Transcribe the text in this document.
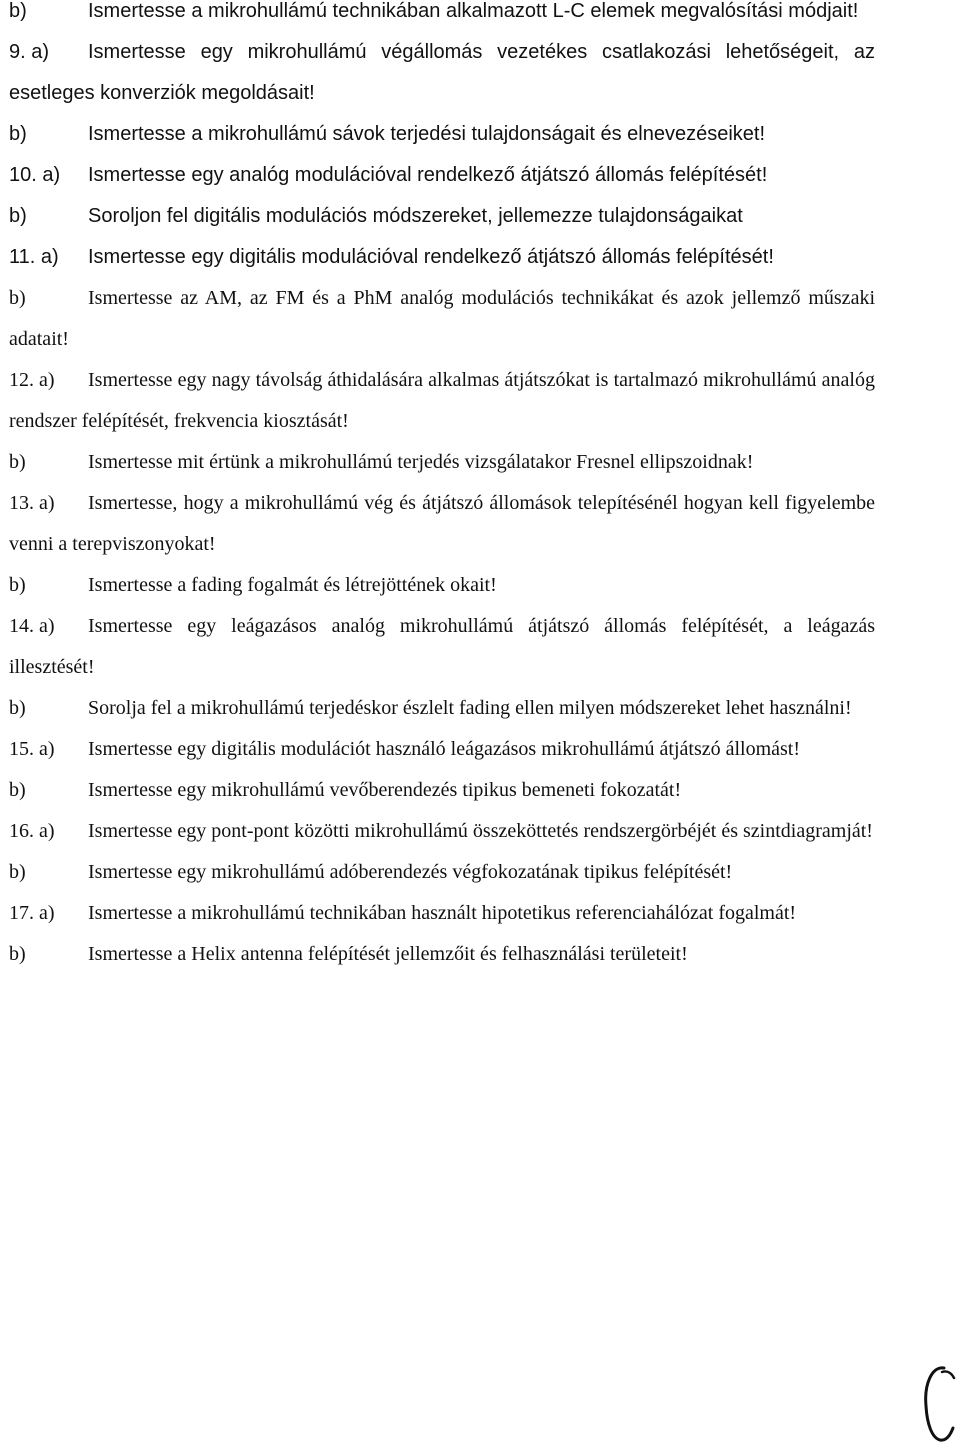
b)	Ismertesse a mikrohullámú technikában alkalmazott L-C elemek megvalósítási módjait!
9. a) Ismertesse egy mikrohullámú végállomás vezetékes csatlakozási lehetőségeit, az esetleges konverziók megoldásait!
b)	Ismertesse a mikrohullámú sávok terjedési tulajdonságait és elnevezéseiket!
10. a)	Ismertesse egy analóg modulációval rendelkező átjátszó állomás felépítését!
b)	Soroljon fel digitális modulációs módszereket, jellemezze tulajdonságaikat
11. a)	Ismertesse egy digitális modulációval rendelkező átjátszó állomás felépítését!
b)	Ismertesse az AM, az FM és a PhM analóg modulációs technikákat és azok jellemző műszaki adatait!
12. a) Ismertesse egy nagy távolság áthidalására alkalmas átjátszókat is tartalmazó mikrohullámú analóg rendszer felépítését, frekvencia kiosztását!
b)	Ismertesse mit értünk a mikrohullámú terjedés vizsgálatakor Fresnel ellipszoidnak!
13. a) Ismertesse, hogy a mikrohullámú vég és átjátszó állomások telepítésénél hogyan kell figyelembe venni a terepviszonyokat!
b)	Ismertesse a fading fogalmát és létrejöttének okait!
14. a) Ismertesse egy leágazásos analóg mikrohullámú átjátszó állomás felépítését, a leágazás illesztését!
b)	Sorolja fel a mikrohullámú terjedéskor észlelt fading ellen milyen módszereket lehet használni!
15. a) Ismertesse egy digitális modulációt használó leágazásos mikrohullámú átjátszó állomást!
b)	Ismertesse egy mikrohullámú vevőberendezés tipikus bemeneti fokozatát!
16. a) Ismertesse egy pont-pont közötti mikrohullámú összeköttetés rendszergörbéjét és szintdiagramját!
b)	Ismertesse egy mikrohullámú adóberendezés végfokozatának tipikus felépítését!
17. a) Ismertesse a mikrohullámú technikában használt hipotetikus referenciahálózat fogalmát!
b)	Ismertesse a Helix antenna felépítését jellemzőit és felhasználási területeit!
